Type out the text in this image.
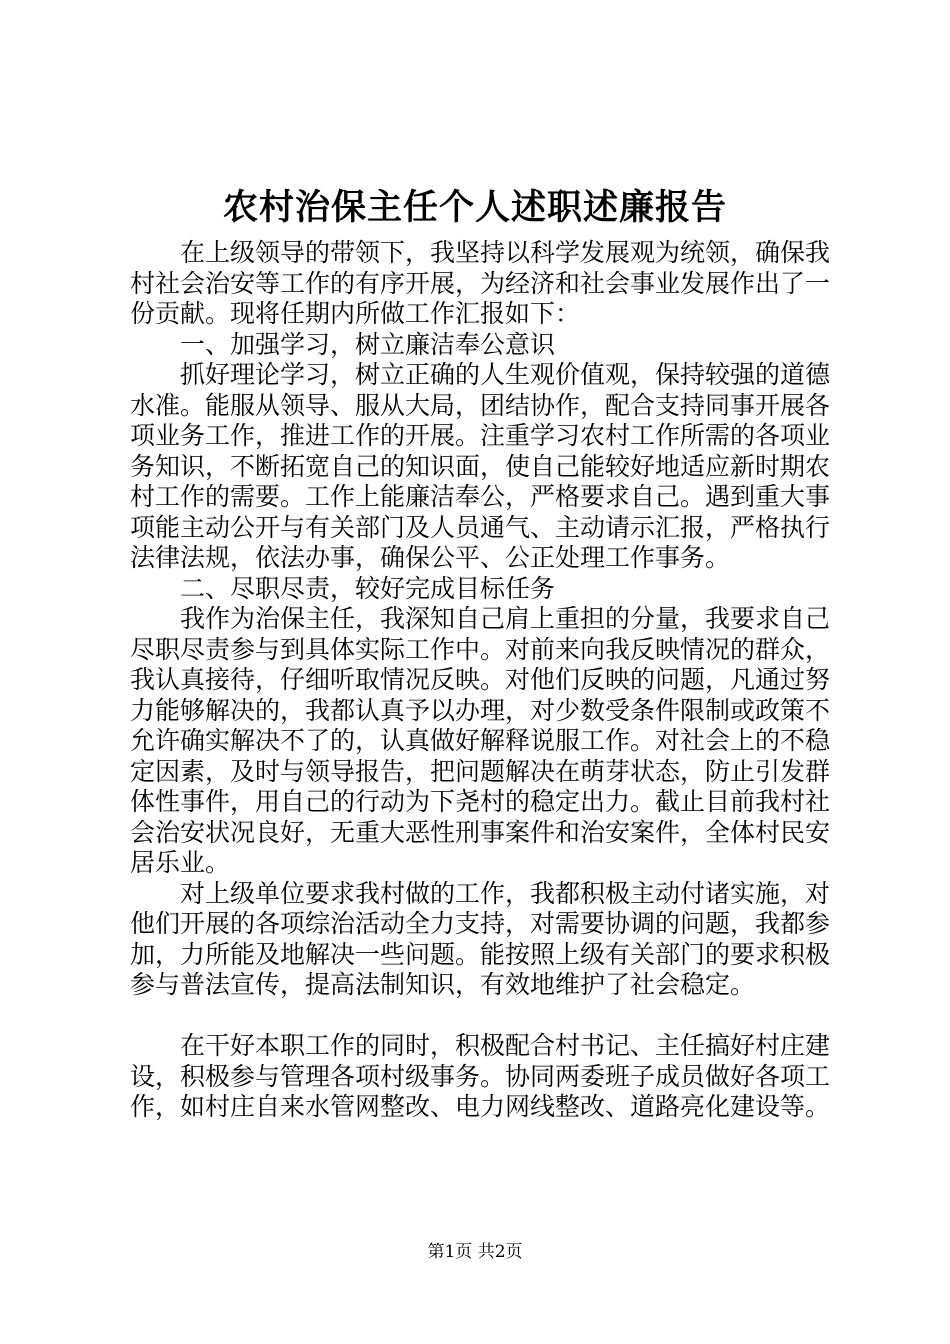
农村治保主任个人述职述廉报告

在上级领导的带领下，我坚持以科学发展观为统领，确保我村社会治安等工作的有序开展，为经济和社会事业发展作出了一份贡献。现将任期内所做工作汇报如下：

一、加强学习，树立廉洁奉公意识

抓好理论学习，树立正确的人生观价值观，保持较强的道德水准。能服从领导、服从大局，团结协作，配合支持同事开展各项业务工作，推进工作的开展。注重学习农村工作所需的各项业务知识，不断拓宽自己的知识面，使自己能较好地适应新时期农村工作的需要。工作上能廉洁奉公，严格要求自己。遇到重大事项能主动公开与有关部门及人员通气、主动请示汇报，严格执行法律法规，依法办事，确保公平、公正处理工作事务。

二、尽职尽责，较好完成目标任务

我作为治保主任，我深知自己肩上重担的分量，我要求自己尽职尽责参与到具体实际工作中。对前来向我反映情况的群众，我认真接待，仔细听取情况反映。对他们反映的问题，凡通过努力能够解决的，我都认真予以办理，对少数受条件限制或政策不允许确实解决不了的，认真做好解释说服工作。对社会上的不稳定因素，及时与领导报告，把问题解决在萌芽状态，防止引发群体性事件，用自己的行动为下尧村的稳定出力。截止目前我村社会治安状况良好，无重大恶性刑事案件和治安案件，全体村民安居乐业。

对上级单位要求我村做的工作，我都积极主动付诸实施，对他们开展的各项综治活动全力支持，对需要协调的问题，我都参加，力所能及地解决一些问题。能按照上级有关部门的要求积极参与普法宣传，提高法制知识，有效地维护了社会稳定。

在干好本职工作的同时，积极配合村书记、主任搞好村庄建设，积极参与管理各项村级事务。协同两委班子成员做好各项工作，如村庄自来水管网整改、电力网线整改、道路亮化建设等。

第1页 共2页
